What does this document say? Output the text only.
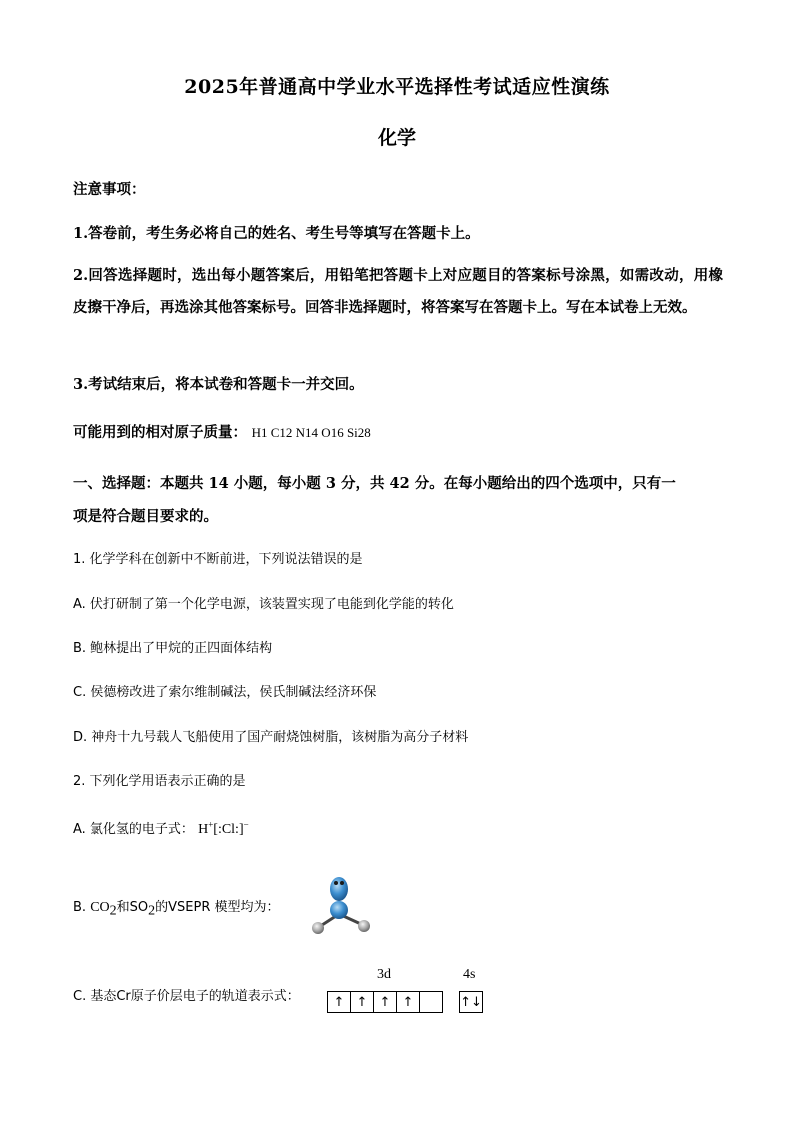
2025年普通高中学业水平选择性考试适应性演练
化学
注意事项：
1.答卷前，考生务必将自己的姓名、考生号等填写在答题卡上。
2.回答选择题时，选出每小题答案后，用铅笔把答题卡上对应题目的答案标号涂黑，如需改动，用橡皮擦干净后，再选涂其他答案标号。回答非选择题时，将答案写在答题卡上。写在本试卷上无效。
3.考试结束后，将本试卷和答题卡一并交回。
可能用到的相对原子质量： H1 C12 N14 O16 Si28
一、选择题：本题共 14 小题，每小题 3 分，共 42 分。在每小题给出的四个选项中，只有一
项是符合题目要求的。
1. 化学学科在创新中不断前进，下列说法错误的是
A. 伏打研制了第一个化学电源，该装置实现了电能到化学能的转化
B. 鲍林提出了甲烷的正四面体结构
C. 侯德榜改进了索尔维制碱法，侯氏制碱法经济环保
D. 神舟十九号载人飞船使用了国产耐烧蚀树脂，该树脂为高分子材料
2. 下列化学用语表示正确的是
A. 氯化氢的电子式： H+[:Cl:]−
B. $CO_2$和$SO_2$的VSEPR 模型均为：
C. 基态Cr原子价层电子的轨道表示式：
3d	4s
↑ ↑ ↑ ↑	↑↓
